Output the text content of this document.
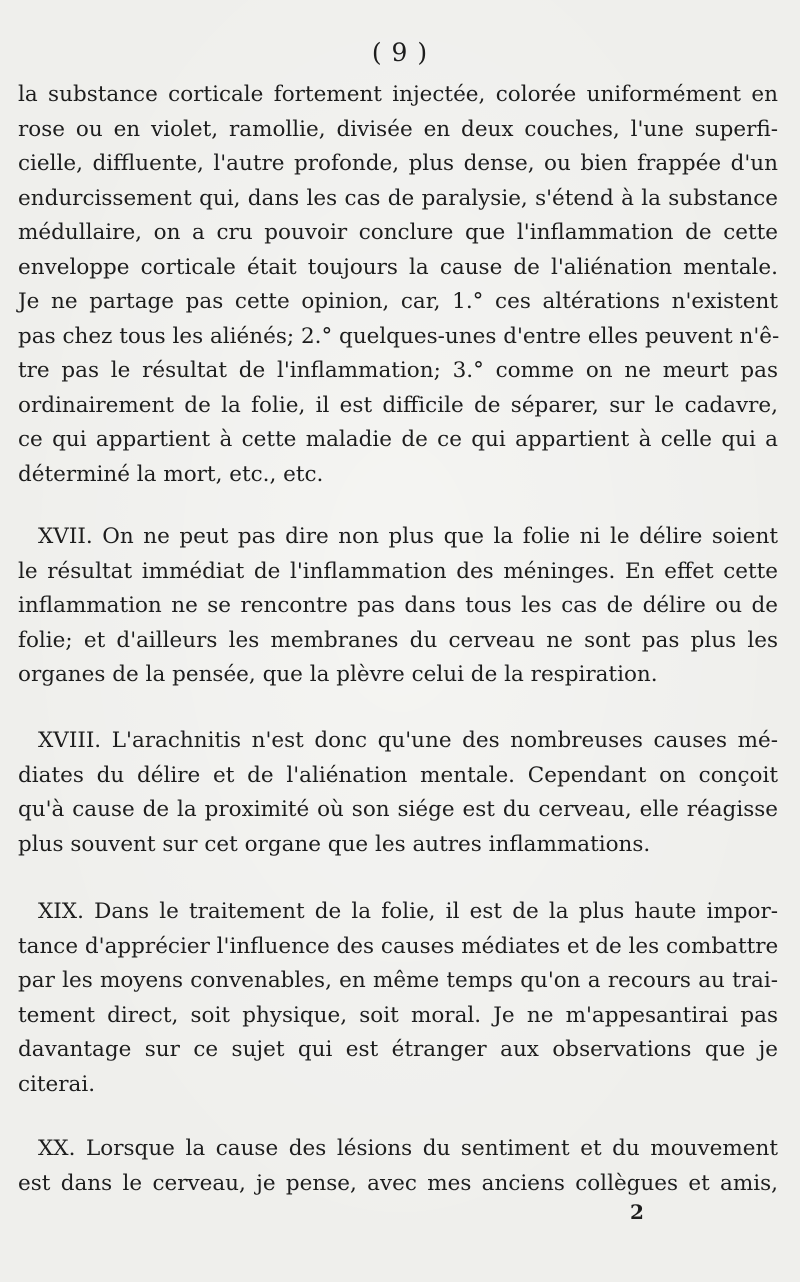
( 9 )
la substance corticale fortement injectée, colorée uniformément en
rose ou en violet, ramollie, divisée en deux couches, l'une superfi-
cielle, diffluente, l'autre profonde, plus dense, ou bien frappée d'un
endurcissement qui, dans les cas de paralysie, s'étend à la substance
médullaire, on a cru pouvoir conclure que l'inflammation de cette
enveloppe corticale était toujours la cause de l'aliénation mentale.
Je ne partage pas cette opinion, car, 1.° ces altérations n'existent
pas chez tous les aliénés; 2.° quelques-unes d'entre elles peuvent n'ê-
tre pas le résultat de l'inflammation; 3.° comme on ne meurt pas
ordinairement de la folie, il est difficile de séparer, sur le cadavre,
ce qui appartient à cette maladie de ce qui appartient à celle qui a
déterminé la mort, etc., etc.
XVII. On ne peut pas dire non plus que la folie ni le délire soient
le résultat immédiat de l'inflammation des méninges. En effet cette
inflammation ne se rencontre pas dans tous les cas de délire ou de
folie; et d'ailleurs les membranes du cerveau ne sont pas plus les
organes de la pensée, que la plèvre celui de la respiration.
XVIII. L'arachnitis n'est donc qu'une des nombreuses causes mé-
diates du délire et de l'aliénation mentale. Cependant on conçoit
qu'à cause de la proximité où son siége est du cerveau, elle réagisse
plus souvent sur cet organe que les autres inflammations.
XIX. Dans le traitement de la folie, il est de la plus haute impor-
tance d'apprécier l'influence des causes médiates et de les combattre
par les moyens convenables, en même temps qu'on a recours au trai-
tement direct, soit physique, soit moral. Je ne m'appesantirai pas
davantage sur ce sujet qui est étranger aux observations que je
citerai.
XX. Lorsque la cause des lésions du sentiment et du mouvement
est dans le cerveau, je pense, avec mes anciens collègues et amis,
2
